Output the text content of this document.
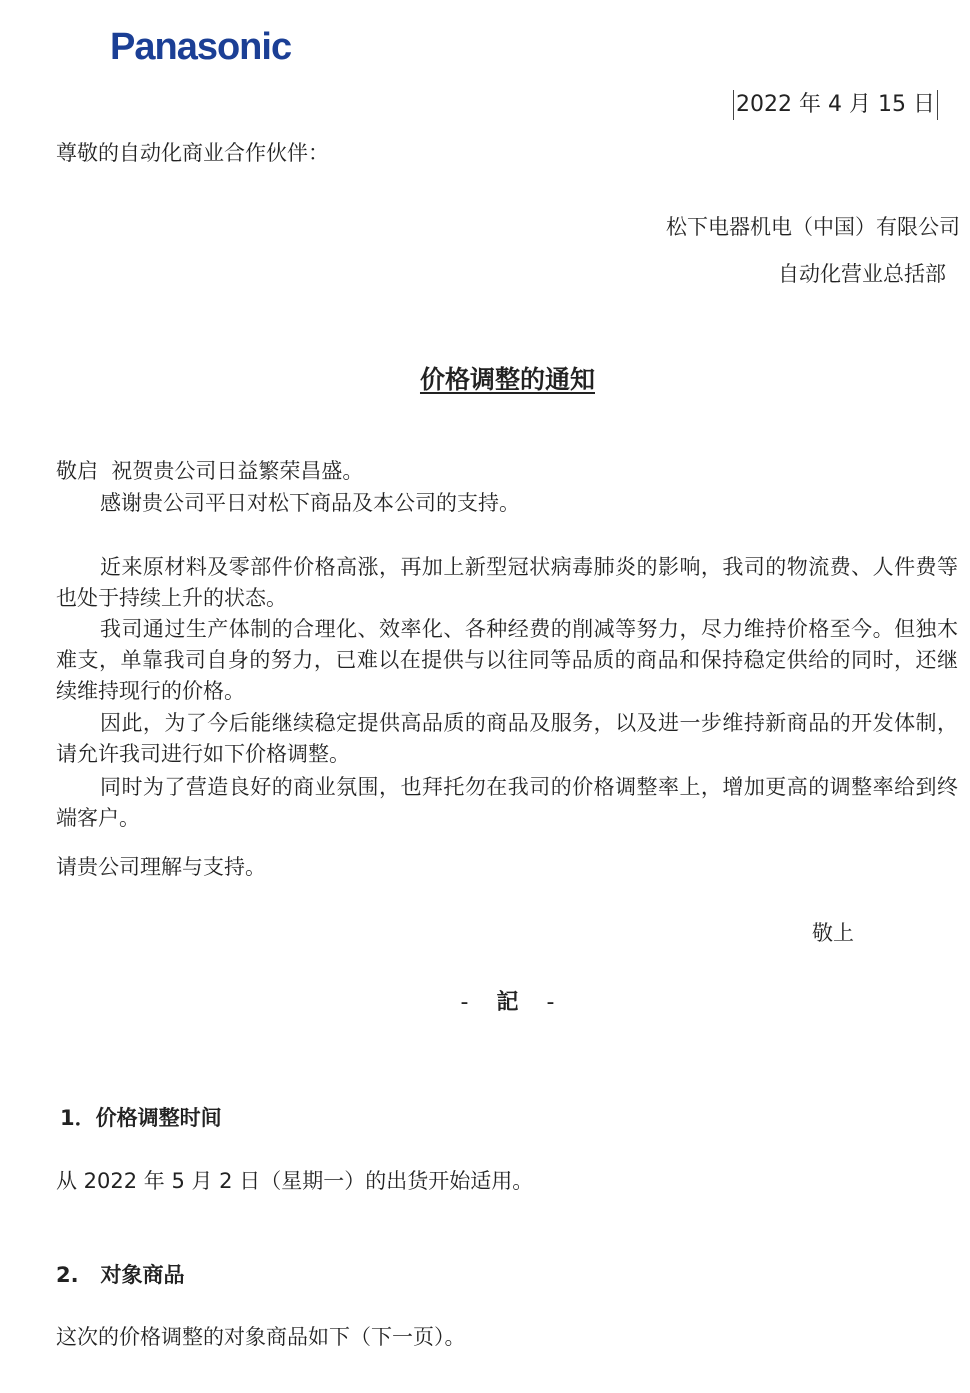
Panasonic
2022 年 4 月 15 日
尊敬的自动化商业合作伙伴：
松下电器机电（中国）有限公司
自动化营业总括部
价格调整的通知
敬启  祝贺贵公司日益繁荣昌盛。
感谢贵公司平日对松下商品及本公司的支持。

近来原材料及零部件价格高涨，再加上新型冠状病毒肺炎的影响，我司的物流费、人件费等也处于持续上升的状态。

我司通过生产体制的合理化、效率化、各种经费的削减等努力，尽力维持价格至今。但独木难支，单靠我司自身的努力，已难以在提供与以往同等品质的商品和保持稳定供给的同时，还继续维持现行的价格。

因此，为了今后能继续稳定提供高品质的商品及服务，以及进一步维持新商品的开发体制，请允许我司进行如下价格调整。

同时为了营造良好的商业氛围，也拜托勿在我司的价格调整率上，增加更高的调整率给到终端客户。

请贵公司理解与支持。
敬上
- 記 -
1．价格调整时间
从 2022 年 5 月 2 日（星期一）的出货开始适用。
2.   对象商品
这次的价格调整的对象商品如下（下一页）。
